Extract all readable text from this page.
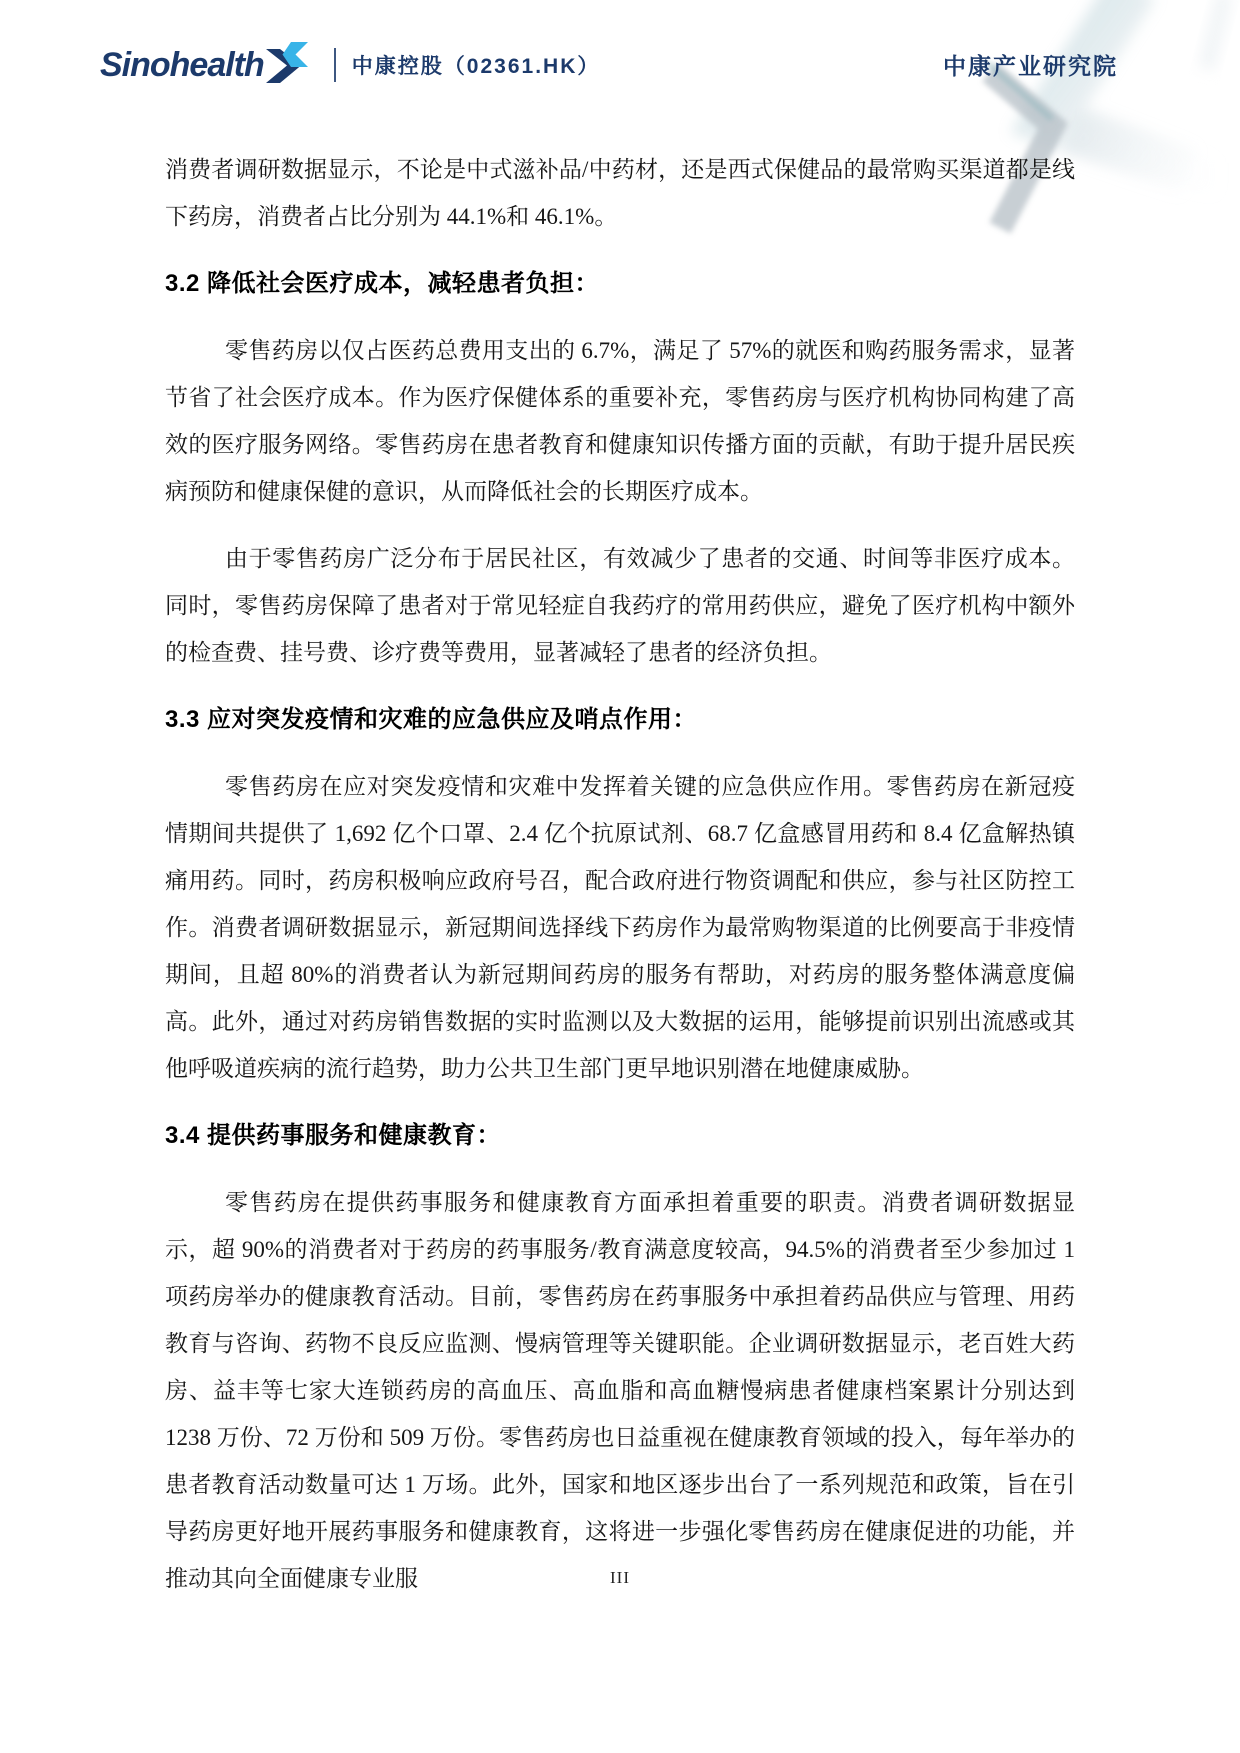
Sinohealth	中康控股（02361.HK）	中康产业研究院

消费者调研数据显示，不论是中式滋补品/中药材，还是西式保健品的最常购买渠道都是线下药房，消费者占比分别为 44.1%和 46.1%。

3.2 降低社会医疗成本，减轻患者负担：

零售药房以仅占医药总费用支出的 6.7%，满足了 57%的就医和购药服务需求，显著节省了社会医疗成本。作为医疗保健体系的重要补充，零售药房与医疗机构协同构建了高效的医疗服务网络。零售药房在患者教育和健康知识传播方面的贡献，有助于提升居民疾病预防和健康保健的意识，从而降低社会的长期医疗成本。

由于零售药房广泛分布于居民社区，有效减少了患者的交通、时间等非医疗成本。同时，零售药房保障了患者对于常见轻症自我药疗的常用药供应，避免了医疗机构中额外的检查费、挂号费、诊疗费等费用，显著减轻了患者的经济负担。

3.3 应对突发疫情和灾难的应急供应及哨点作用：

零售药房在应对突发疫情和灾难中发挥着关键的应急供应作用。零售药房在新冠疫情期间共提供了 1,692 亿个口罩、2.4 亿个抗原试剂、68.7 亿盒感冒用药和 8.4 亿盒解热镇痛用药。同时，药房积极响应政府号召，配合政府进行物资调配和供应，参与社区防控工作。消费者调研数据显示，新冠期间选择线下药房作为最常购物渠道的比例要高于非疫情期间，且超 80%的消费者认为新冠期间药房的服务有帮助，对药房的服务整体满意度偏高。此外，通过对药房销售数据的实时监测以及大数据的运用，能够提前识别出流感或其他呼吸道疾病的流行趋势，助力公共卫生部门更早地识别潜在地健康威胁。

3.4 提供药事服务和健康教育：

零售药房在提供药事服务和健康教育方面承担着重要的职责。消费者调研数据显示，超 90%的消费者对于药房的药事服务/教育满意度较高，94.5%的消费者至少参加过 1 项药房举办的健康教育活动。目前，零售药房在药事服务中承担着药品供应与管理、用药教育与咨询、药物不良反应监测、慢病管理等关键职能。企业调研数据显示，老百姓大药房、益丰等七家大连锁药房的高血压、高血脂和高血糖慢病患者健康档案累计分别达到 1238 万份、72 万份和 509 万份。零售药房也日益重视在健康教育领域的投入，每年举办的患者教育活动数量可达 1 万场。此外，国家和地区逐步出台了一系列规范和政策，旨在引导药房更好地开展药事服务和健康教育，这将进一步强化零售药房在健康促进的功能，并推动其向全面健康专业服	III
